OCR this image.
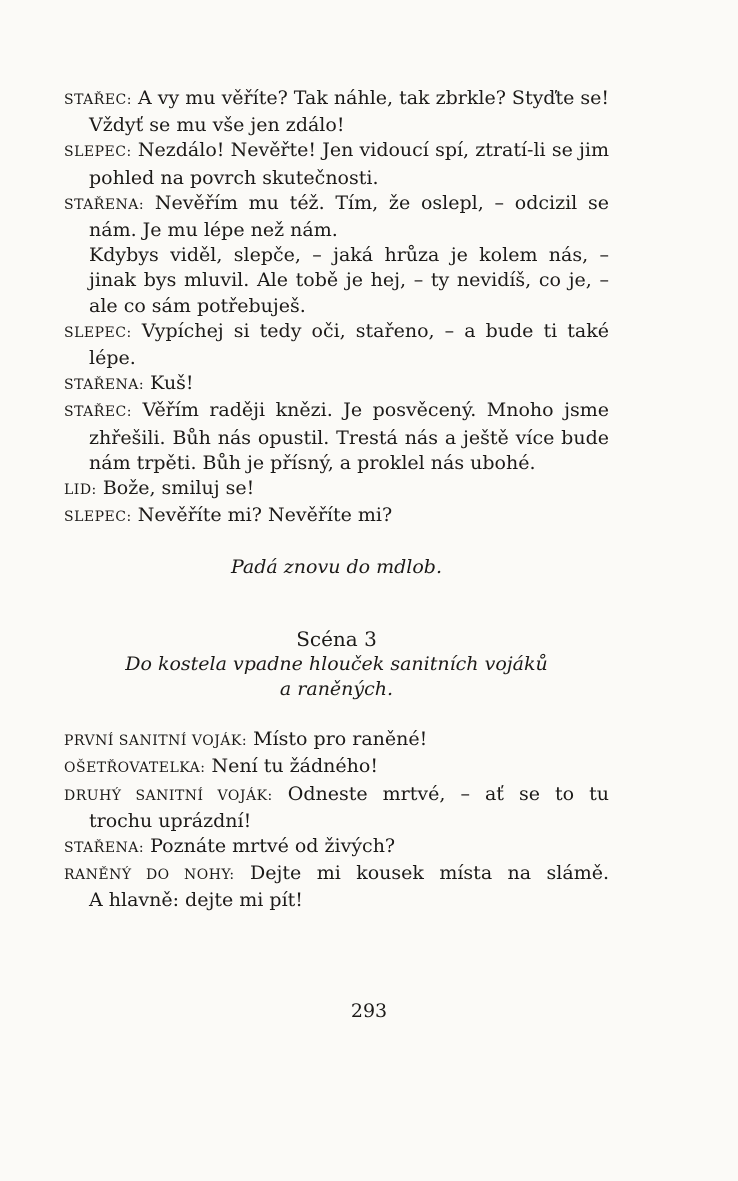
STAŘEC: A vy mu věříte? Tak náhle, tak zbrkle? Styďte se!
Vždyť se mu vše jen zdálo!
SLEPEC: Nezdálo! Nevěřte! Jen vidoucí spí, ztratí-li se jim
pohled na povrch skutečnosti.
STAŘENA: Nevěřím mu též. Tím, že oslepl, – odcizil se
nám. Je mu lépe než nám.
Kdybys viděl, slepče, – jaká hrůza je kolem nás, –
jinak bys mluvil. Ale tobě je hej, – ty nevidíš, co je, –
ale co sám potřebuješ.
SLEPEC: Vypíchej si tedy oči, stařeno, – a bude ti také
lépe.
STAŘENA: Kuš!
STAŘEC: Věřím raději knězi. Je posvěcený. Mnoho jsme
zhřešili. Bůh nás opustil. Trestá nás a ještě více bude
nám trpěti. Bůh je přísný, a proklel nás ubohé.
LID: Bože, smiluj se!
SLEPEC: Nevěříte mi? Nevěříte mi?
Padá znovu do mdlob.
Scéna 3
Do kostela vpadne hlouček sanitních vojáků
a raněných.
PRVNÍ SANITNÍ VOJÁK: Místo pro raněné!
OŠETŘOVATELKA: Není tu žádného!
DRUHÝ SANITNÍ VOJÁK: Odneste mrtvé, – ať se to tu
trochu uprázdní!
STAŘENA: Poznáte mrtvé od živých?
RANĚNÝ DO NOHY: Dejte mi kousek místa na slámě.
A hlavně: dejte mi pít!
293
